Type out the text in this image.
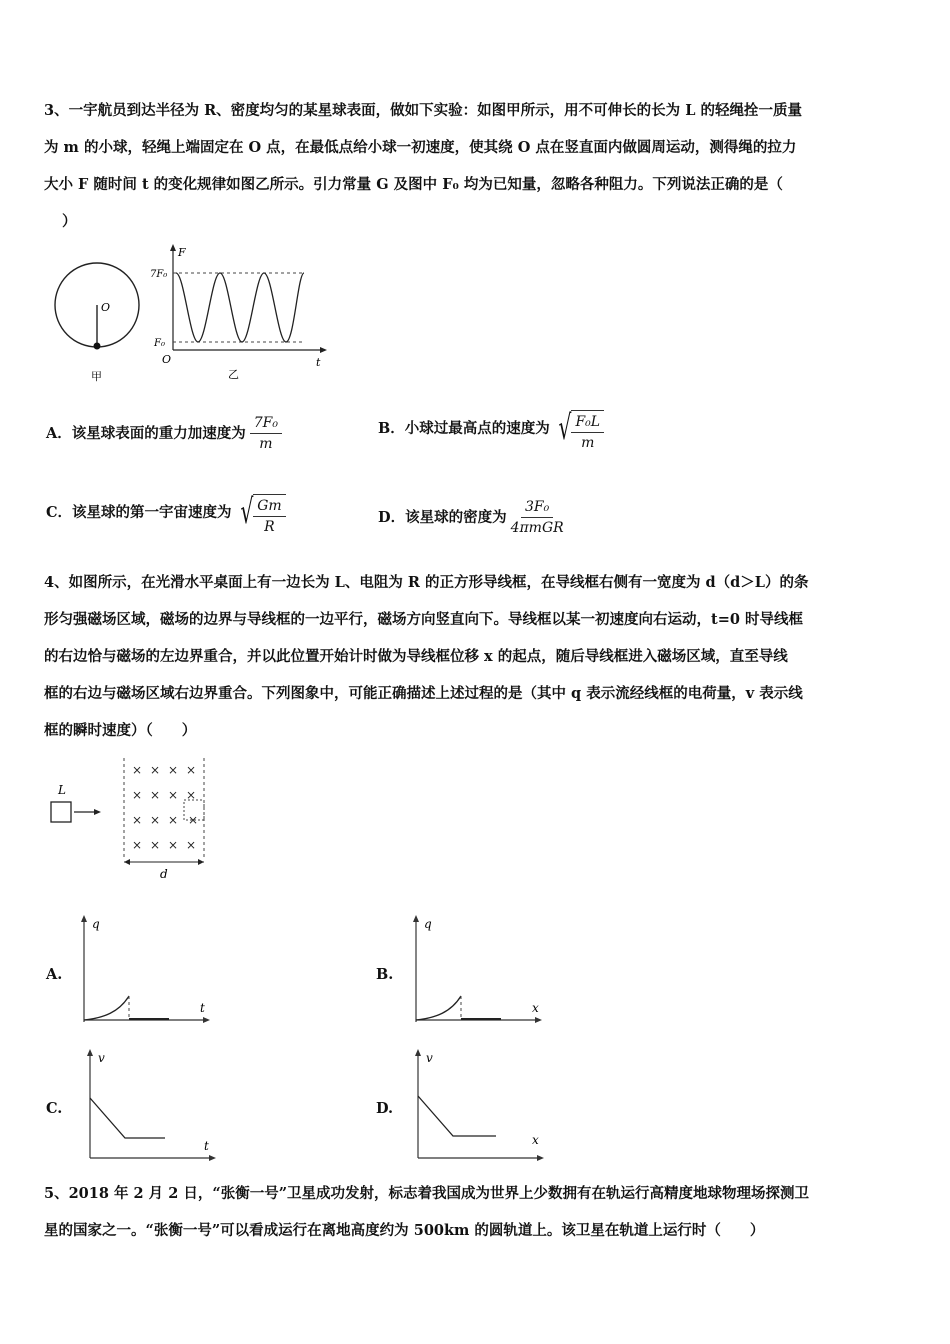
3、一宇航员到达半径为 R、密度均匀的某星球表面，做如下实验：如图甲所示，用不可伸长的长为 L 的轻绳拴一质量
为 m 的小球，轻绳上端固定在 O 点，在最低点给小球一初速度，使其绕 O 点在竖直面内做圆周运动，测得绳的拉力
大小 F 随时间 t 的变化规律如图乙所示。引力常量 G 及图中 F₀ 均为已知量，忽略各种阻力。下列说法正确的是（
）
O
甲
F
7F₀
F₀
O	t
乙
A．该星球表面的重力加速度为 $\frac{\text{7F₀}}{m}$	B．小球过最高点的速度为 √ $\frac{\text{F₀L}}{m}$
C．该星球的第一宇宙速度为 √ $\frac{Gm}{R}$	D．该星球的密度为 $\frac{\text{3F₀}}{\text{4πmGR}}$
4、如图所示，在光滑水平桌面上有一边长为 L、电阻为 R 的正方形导线框，在导线框右侧有一宽度为 d（d＞L）的条
形匀强磁场区域，磁场的边界与导线框的一边平行，磁场方向竖直向下。导线框以某一初速度向右运动，t=0 时导线框
的右边恰与磁场的左边界重合，并以此位置开始计时做为导线框位移 x 的起点，随后导线框进入磁场区域，直至导线
框的右边与磁场区域右边界重合。下列图象中，可能正确描述上述过程的是（其中 q 表示流经线框的电荷量，v 表示线
框的瞬时速度）（　　）
L
× × × ×
× × × ×
× × × ×
× × × ×
d
A.
q
t
B.
q
x
C.
v
t
D.
v
x
5、2018 年 2 月 2 日，“张衡一号”卫星成功发射，标志着我国成为世界上少数拥有在轨运行高精度地球物理场探测卫
星的国家之一。“张衡一号”可以看成运行在离地高度约为 500km 的圆轨道上。该卫星在轨道上运行时（　　）
